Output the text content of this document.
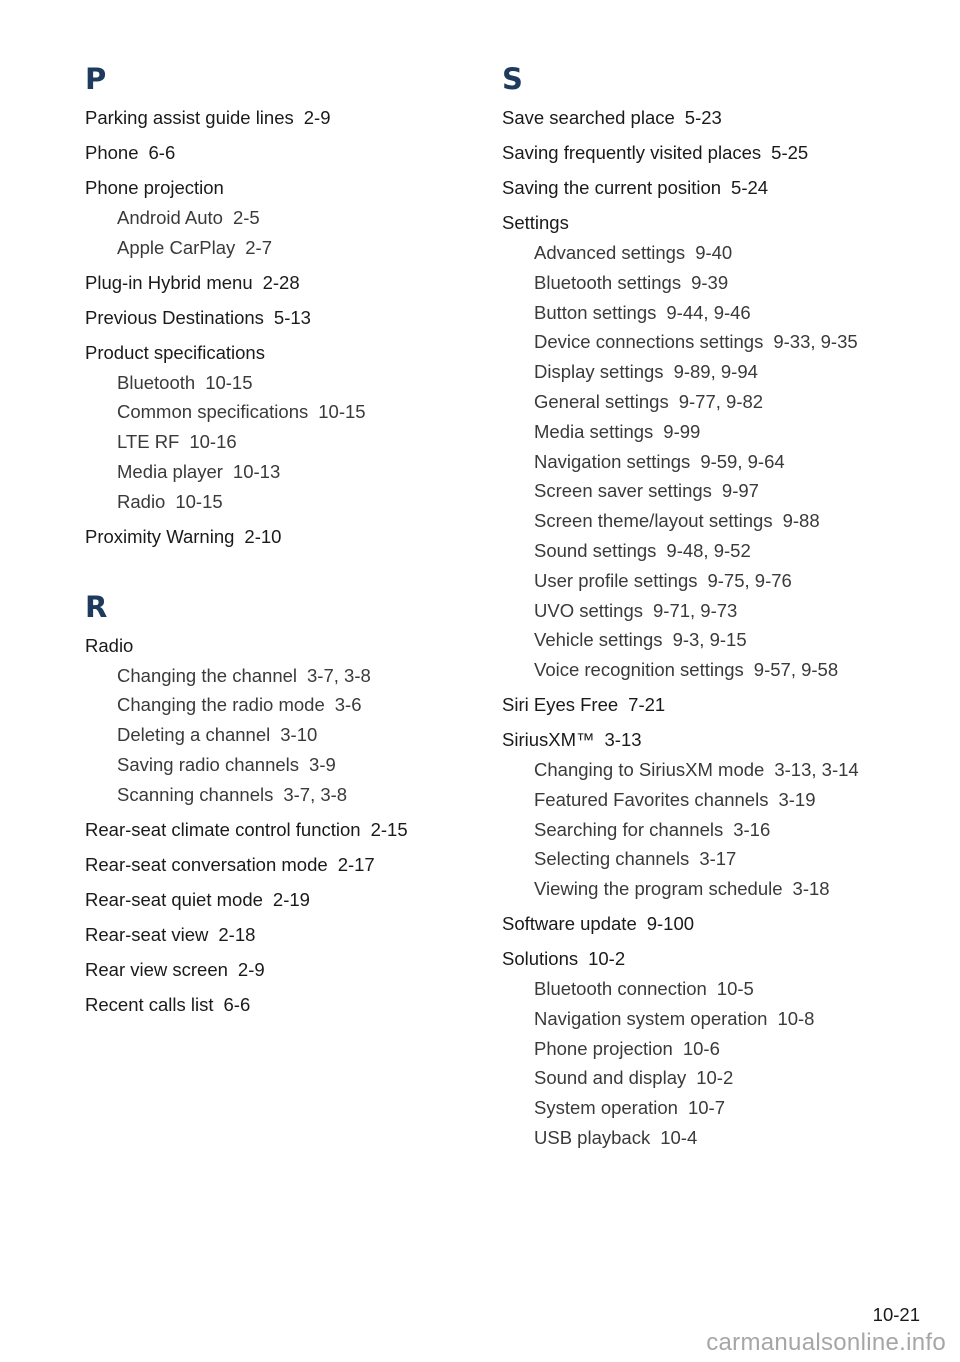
P
Parking assist guide lines 2-9
Phone 6-6
Phone projection
Android Auto 2-5
Apple CarPlay 2-7
Plug-in Hybrid menu 2-28
Previous Destinations 5-13
Product specifications
Bluetooth 10-15
Common specifications 10-15
LTE RF 10-16
Media player 10-13
Radio 10-15
Proximity Warning 2-10
R
Radio
Changing the channel 3-7, 3-8
Changing the radio mode 3-6
Deleting a channel 3-10
Saving radio channels 3-9
Scanning channels 3-7, 3-8
Rear-seat climate control function 2-15
Rear-seat conversation mode 2-17
Rear-seat quiet mode 2-19
Rear-seat view 2-18
Rear view screen 2-9
Recent calls list 6-6
S
Save searched place 5-23
Saving frequently visited places 5-25
Saving the current position 5-24
Settings
Advanced settings 9-40
Bluetooth settings 9-39
Button settings 9-44, 9-46
Device connections settings 9-33, 9-35
Display settings 9-89, 9-94
General settings 9-77, 9-82
Media settings 9-99
Navigation settings 9-59, 9-64
Screen saver settings 9-97
Screen theme/layout settings 9-88
Sound settings 9-48, 9-52
User profile settings 9-75, 9-76
UVO settings 9-71, 9-73
Vehicle settings 9-3, 9-15
Voice recognition settings 9-57, 9-58
Siri Eyes Free 7-21
SiriusXM™ 3-13
Changing to SiriusXM mode 3-13, 3-14
Featured Favorites channels 3-19
Searching for channels 3-16
Selecting channels 3-17
Viewing the program schedule 3-18
Software update 9-100
Solutions 10-2
Bluetooth connection 10-5
Navigation system operation 10-8
Phone projection 10-6
Sound and display 10-2
System operation 10-7
USB playback 10-4
10-21
carmanualsonline.info
